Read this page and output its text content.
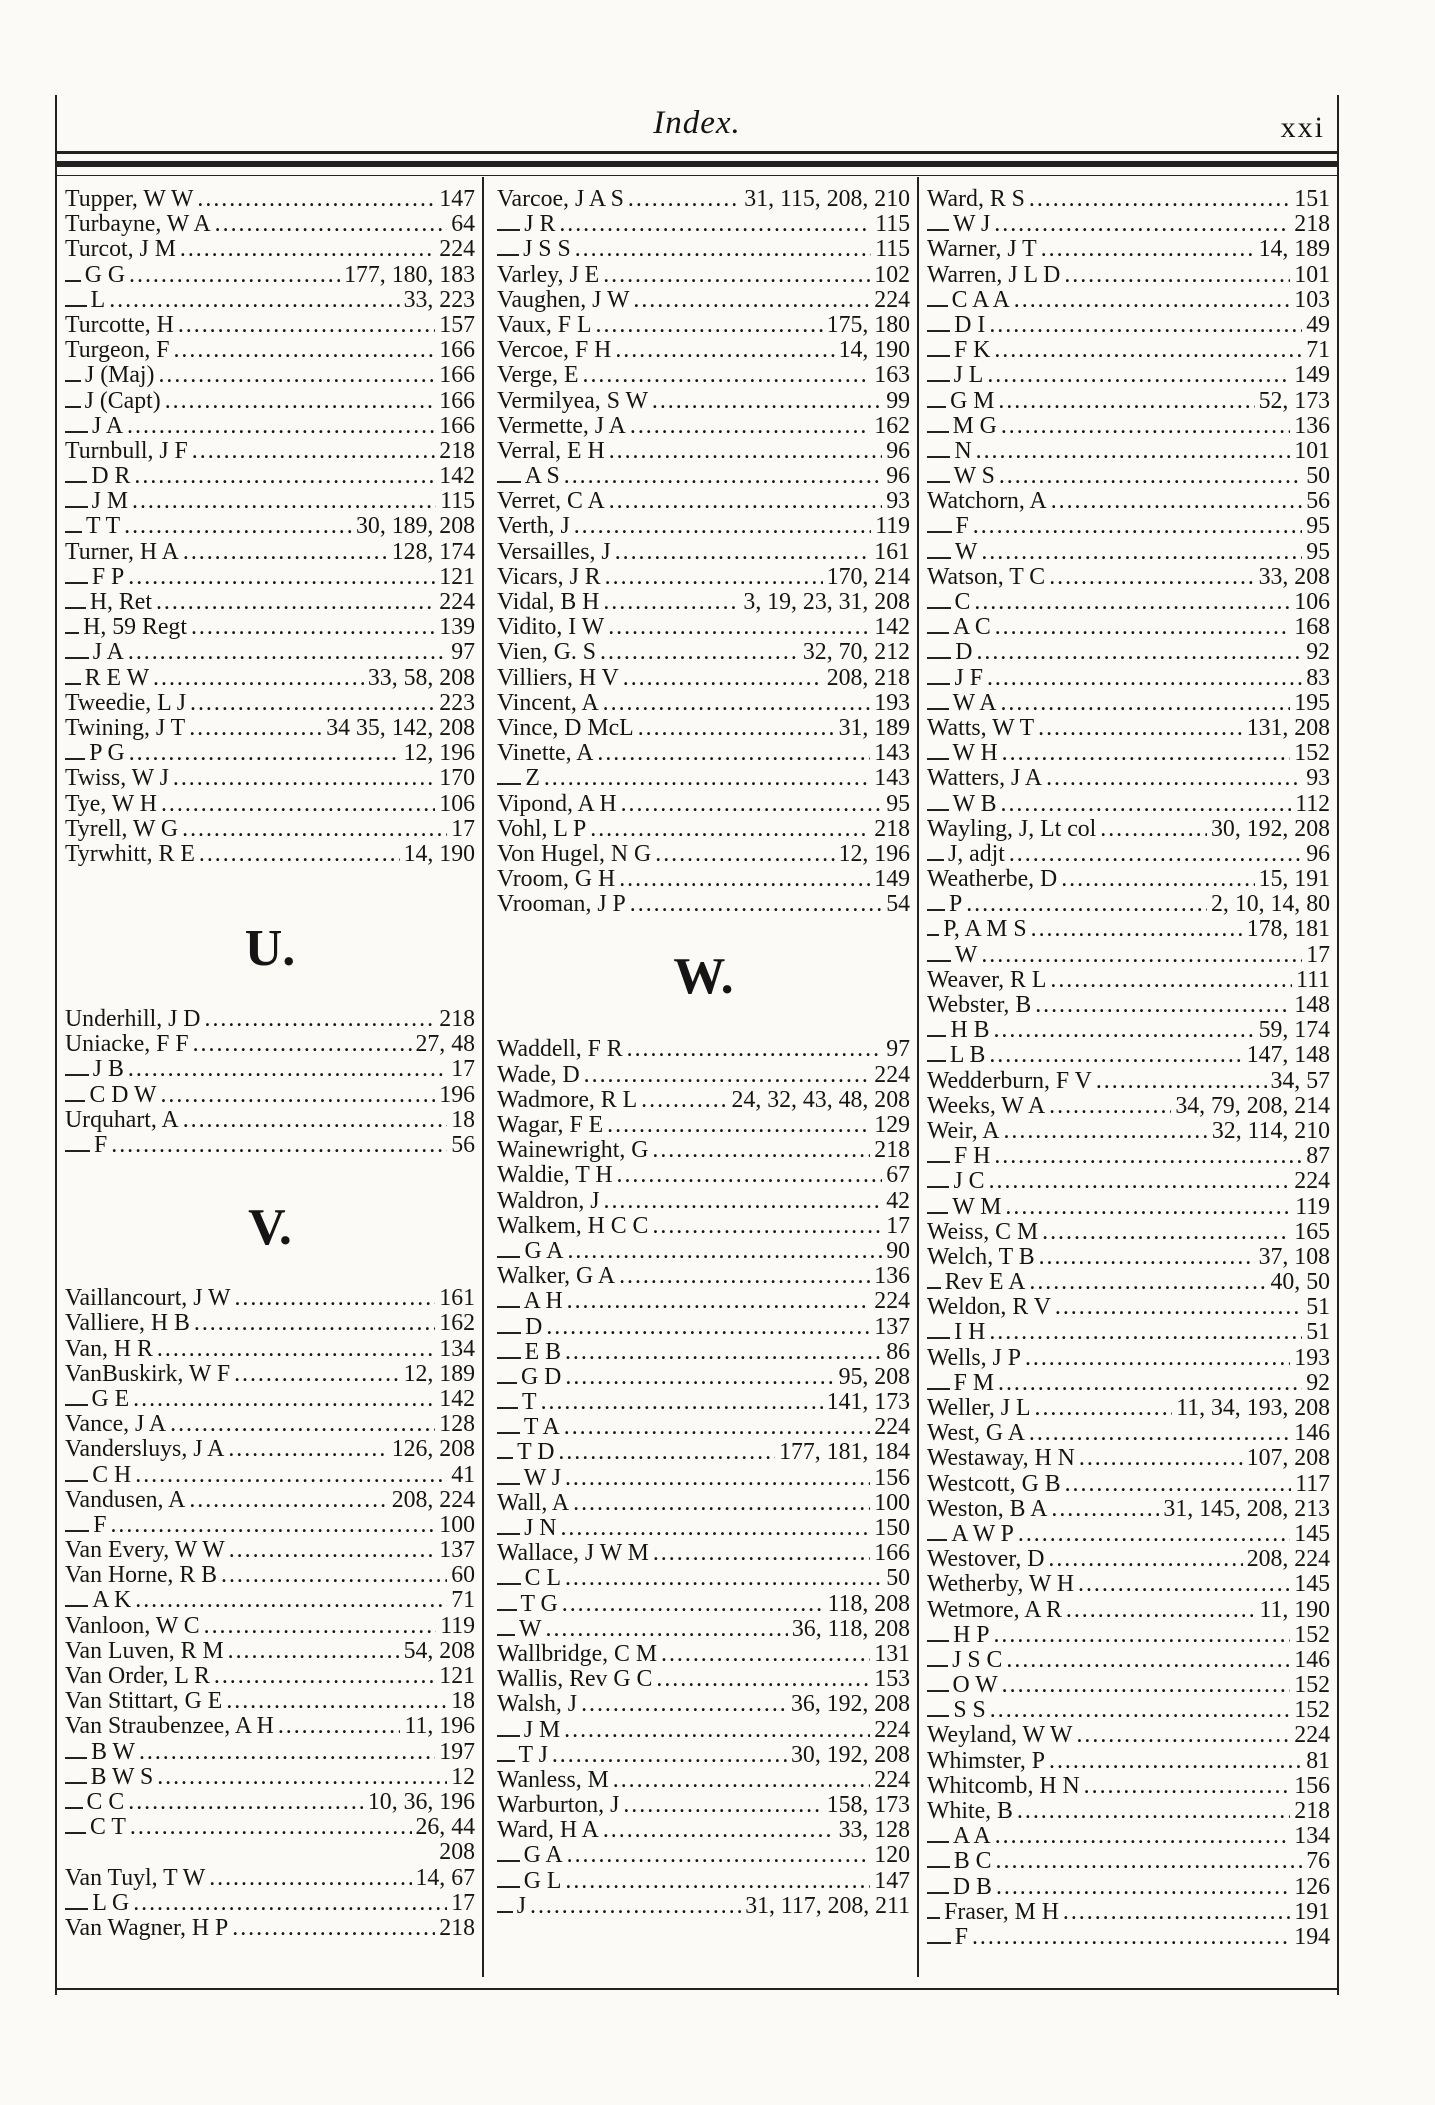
Index.	xxi
Tupper, W W .....	147
Turbayne, W A .....	64
Turcot, J M .....	224
G G .....	177, 180, 183
L .....	33, 223
Turcotte, H .....	157
Turgeon, F .....	166
J (Maj) .....	166
J (Capt) .....	166
J A .....	166
Turnbull, J F .....	218
D R .....	142
J M .....	115
T T .....	30, 189, 208
Turner, H A .....	128, 174
F P .....	121
H, Ret .....	224
H, 59 Regt .....	139
J A .....	97
R E W .....	33, 58, 208
Tweedie, L J .....	223
Twining, J T .....	34 35, 142, 208
P G .....	12, 196
Twiss, W J .....	170
Tye, W H .....	106
Tyrell, W G .....	17
Tyrwhitt, R E .....	14, 190
U.
Underhill, J D .....	218
Uniacke, F F .....	27, 48
J B .....	17
C D W .....	196
Urquhart, A .....	18
F .....	56
V.
Vaillancourt, J W .....	161
Valliere, H B .....	162
Van, H R .....	134
VanBuskirk, W F .....	12, 189
G E .....	142
Vance, J A .....	128
Vandersluys, J A .....	126, 208
C H .....	41
Vandusen, A .....	208, 224
F .....	100
Van Every, W W .....	137
Van Horne, R B .....	60
A K .....	71
Vanloon, W C .....	119
Van Luven, R M .....	54, 208
Van Order, L R .....	121
Van Stittart, G E .....	18
Van Straubenzee, A H .....	11, 196
B W .....	197
B W S .....	12
C C .....	10, 36, 196
C T .....	26, 44
208
Van Tuyl, T W .....	14, 67
L G .....	17
Van Wagner, H P .....	218
Varcoe, J A S .....	31, 115, 208, 210
J R .....	115
J S S .....	115
Varley, J E .....	102
Vaughen, J W .....	224
Vaux, F L .....	175, 180
Vercoe, F H .....	14, 190
Verge, E .....	163
Vermilyea, S W .....	99
Vermette, J A .....	162
Verral, E H .....	96
A S .....	96
Verret, C A .....	93
Verth, J .....	119
Versailles, J .....	161
Vicars, J R .....	170, 214
Vidal, B H .....	3, 19, 23, 31, 208
Vidito, I W .....	142
Vien, G. S .....	32, 70, 212
Villiers, H V .....	208, 218
Vincent, A .....	193
Vince, D McL .....	31, 189
Vinette, A .....	143
Z .....	143
Vipond, A H .....	95
Vohl, L P .....	218
Von Hugel, N G .....	12, 196
Vroom, G H .....	149
Vrooman, J P .....	54
W.
Waddell, F R .....	97
Wade, D .....	224
Wadmore, R L .....	24, 32, 43, 48, 208
Wagar, F E .....	129
Wainewright, G .....	218
Waldie, T H .....	67
Waldron, J .....	42
Walkem, H C C .....	17
G A .....	90
Walker, G A .....	136
A H .....	224
D .....	137
E B .....	86
G D .....	95, 208
T .....	141, 173
T A .....	224
T D .....	177, 181, 184
W J .....	156
Wall, A .....	100
J N .....	150
Wallace, J W M .....	166
C L .....	50
T G .....	118, 208
W .....	36, 118, 208
Wallbridge, C M .....	131
Wallis, Rev G C .....	153
Walsh, J .....	36, 192, 208
J M .....	224
T J .....	30, 192, 208
Wanless, M .....	224
Warburton, J .....	158, 173
Ward, H A .....	33, 128
G A .....	120
G L .....	147
J .....	31, 117, 208, 211
Ward, R S .....	151
W J .....	218
Warner, J T .....	14, 189
Warren, J L D .....	101
C A A .....	103
D I .....	49
F K .....	71
J L .....	149
G M .....	52, 173
M G .....	136
N .....	101
W S .....	50
Watchorn, A .....	56
F .....	95
W .....	95
Watson, T C .....	33, 208
C .....	106
A C .....	168
D .....	92
J F .....	83
W A .....	195
Watts, W T .....	131, 208
W H .....	152
Watters, J A .....	93
W B .....	112
Wayling, J, Lt col .....	30, 192, 208
J, adjt .....	96
Weatherbe, D .....	15, 191
P .....	2, 10, 14, 80
P, A M S .....	178, 181
W .....	17
Weaver, R L .....	111
Webster, B .....	148
H B .....	59, 174
L B .....	147, 148
Wedderburn, F V .....	34, 57
Weeks, W A .....	34, 79, 208, 214
Weir, A .....	32, 114, 210
F H .....	87
J C .....	224
W M .....	119
Weiss, C M .....	165
Welch, T B .....	37, 108
Rev E A .....	40, 50
Weldon, R V .....	51
I H .....	51
Wells, J P .....	193
F M .....	92
Weller, J L .....	11, 34, 193, 208
West, G A .....	146
Westaway, H N .....	107, 208
Westcott, G B .....	117
Weston, B A .....	31, 145, 208, 213
A W P .....	145
Westover, D .....	208, 224
Wetherby, W H .....	145
Wetmore, A R .....	11, 190
H P .....	152
J S C .....	146
O W .....	152
S S .....	152
Weyland, W W .....	224
Whimster, P .....	81
Whitcomb, H N .....	156
White, B .....	218
A A .....	134
B C .....	76
D B .....	126
Fraser, M H .....	191
F .....	194
